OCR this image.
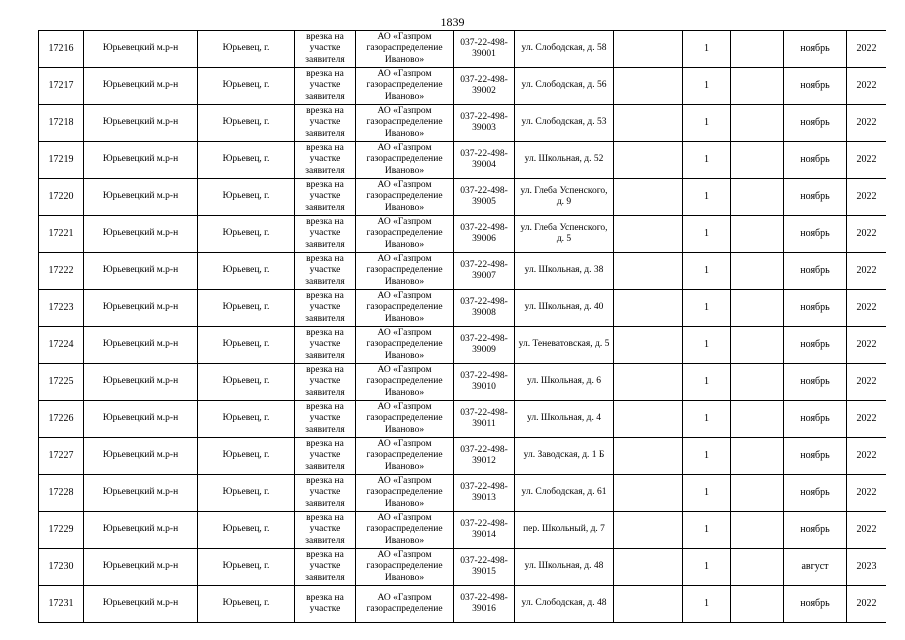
1839
17216	Юрьевецкий м.р-н	Юрьевец, г.	врезка на участке заявителя	АО «Газпром газораспределение Иваново»	037-22-498-39001	ул. Слободская, д. 58		1		ноябрь	2022
17217	Юрьевецкий м.р-н	Юрьевец, г.	врезка на участке заявителя	АО «Газпром газораспределение Иваново»	037-22-498-39002	ул. Слободская, д. 56		1		ноябрь	2022
17218	Юрьевецкий м.р-н	Юрьевец, г.	врезка на участке заявителя	АО «Газпром газораспределение Иваново»	037-22-498-39003	ул. Слободская, д. 53		1		ноябрь	2022
17219	Юрьевецкий м.р-н	Юрьевец, г.	врезка на участке заявителя	АО «Газпром газораспределение Иваново»	037-22-498-39004	ул. Школьная, д. 52		1		ноябрь	2022
17220	Юрьевецкий м.р-н	Юрьевец, г.	врезка на участке заявителя	АО «Газпром газораспределение Иваново»	037-22-498-39005	ул. Глеба Успенского, д. 9		1		ноябрь	2022
17221	Юрьевецкий м.р-н	Юрьевец, г.	врезка на участке заявителя	АО «Газпром газораспределение Иваново»	037-22-498-39006	ул. Глеба Успенского, д. 5		1		ноябрь	2022
17222	Юрьевецкий м.р-н	Юрьевец, г.	врезка на участке заявителя	АО «Газпром газораспределение Иваново»	037-22-498-39007	ул. Школьная, д. 38		1		ноябрь	2022
17223	Юрьевецкий м.р-н	Юрьевец, г.	врезка на участке заявителя	АО «Газпром газораспределение Иваново»	037-22-498-39008	ул. Школьная, д. 40		1		ноябрь	2022
17224	Юрьевецкий м.р-н	Юрьевец, г.	врезка на участке заявителя	АО «Газпром газораспределение Иваново»	037-22-498-39009	ул. Теневатовская, д. 5		1		ноябрь	2022
17225	Юрьевецкий м.р-н	Юрьевец, г.	врезка на участке заявителя	АО «Газпром газораспределение Иваново»	037-22-498-39010	ул. Школьная, д. 6		1		ноябрь	2022
17226	Юрьевецкий м.р-н	Юрьевец, г.	врезка на участке заявителя	АО «Газпром газораспределение Иваново»	037-22-498-39011	ул. Школьная, д. 4		1		ноябрь	2022
17227	Юрьевецкий м.р-н	Юрьевец, г.	врезка на участке заявителя	АО «Газпром газораспределение Иваново»	037-22-498-39012	ул. Заводская, д. 1 Б		1		ноябрь	2022
17228	Юрьевецкий м.р-н	Юрьевец, г.	врезка на участке заявителя	АО «Газпром газораспределение Иваново»	037-22-498-39013	ул. Слободская, д. 61		1		ноябрь	2022
17229	Юрьевецкий м.р-н	Юрьевец, г.	врезка на участке заявителя	АО «Газпром газораспределение Иваново»	037-22-498-39014	пер. Школьный, д. 7		1		ноябрь	2022
17230	Юрьевецкий м.р-н	Юрьевец, г.	врезка на участке заявителя	АО «Газпром газораспределение Иваново»	037-22-498-39015	ул. Школьная, д. 48		1		август	2023
17231	Юрьевецкий м.р-н	Юрьевец, г.	врезка на участке	АО «Газпром газораспределение	037-22-498-39016	ул. Слободская, д. 48		1		ноябрь	2022
